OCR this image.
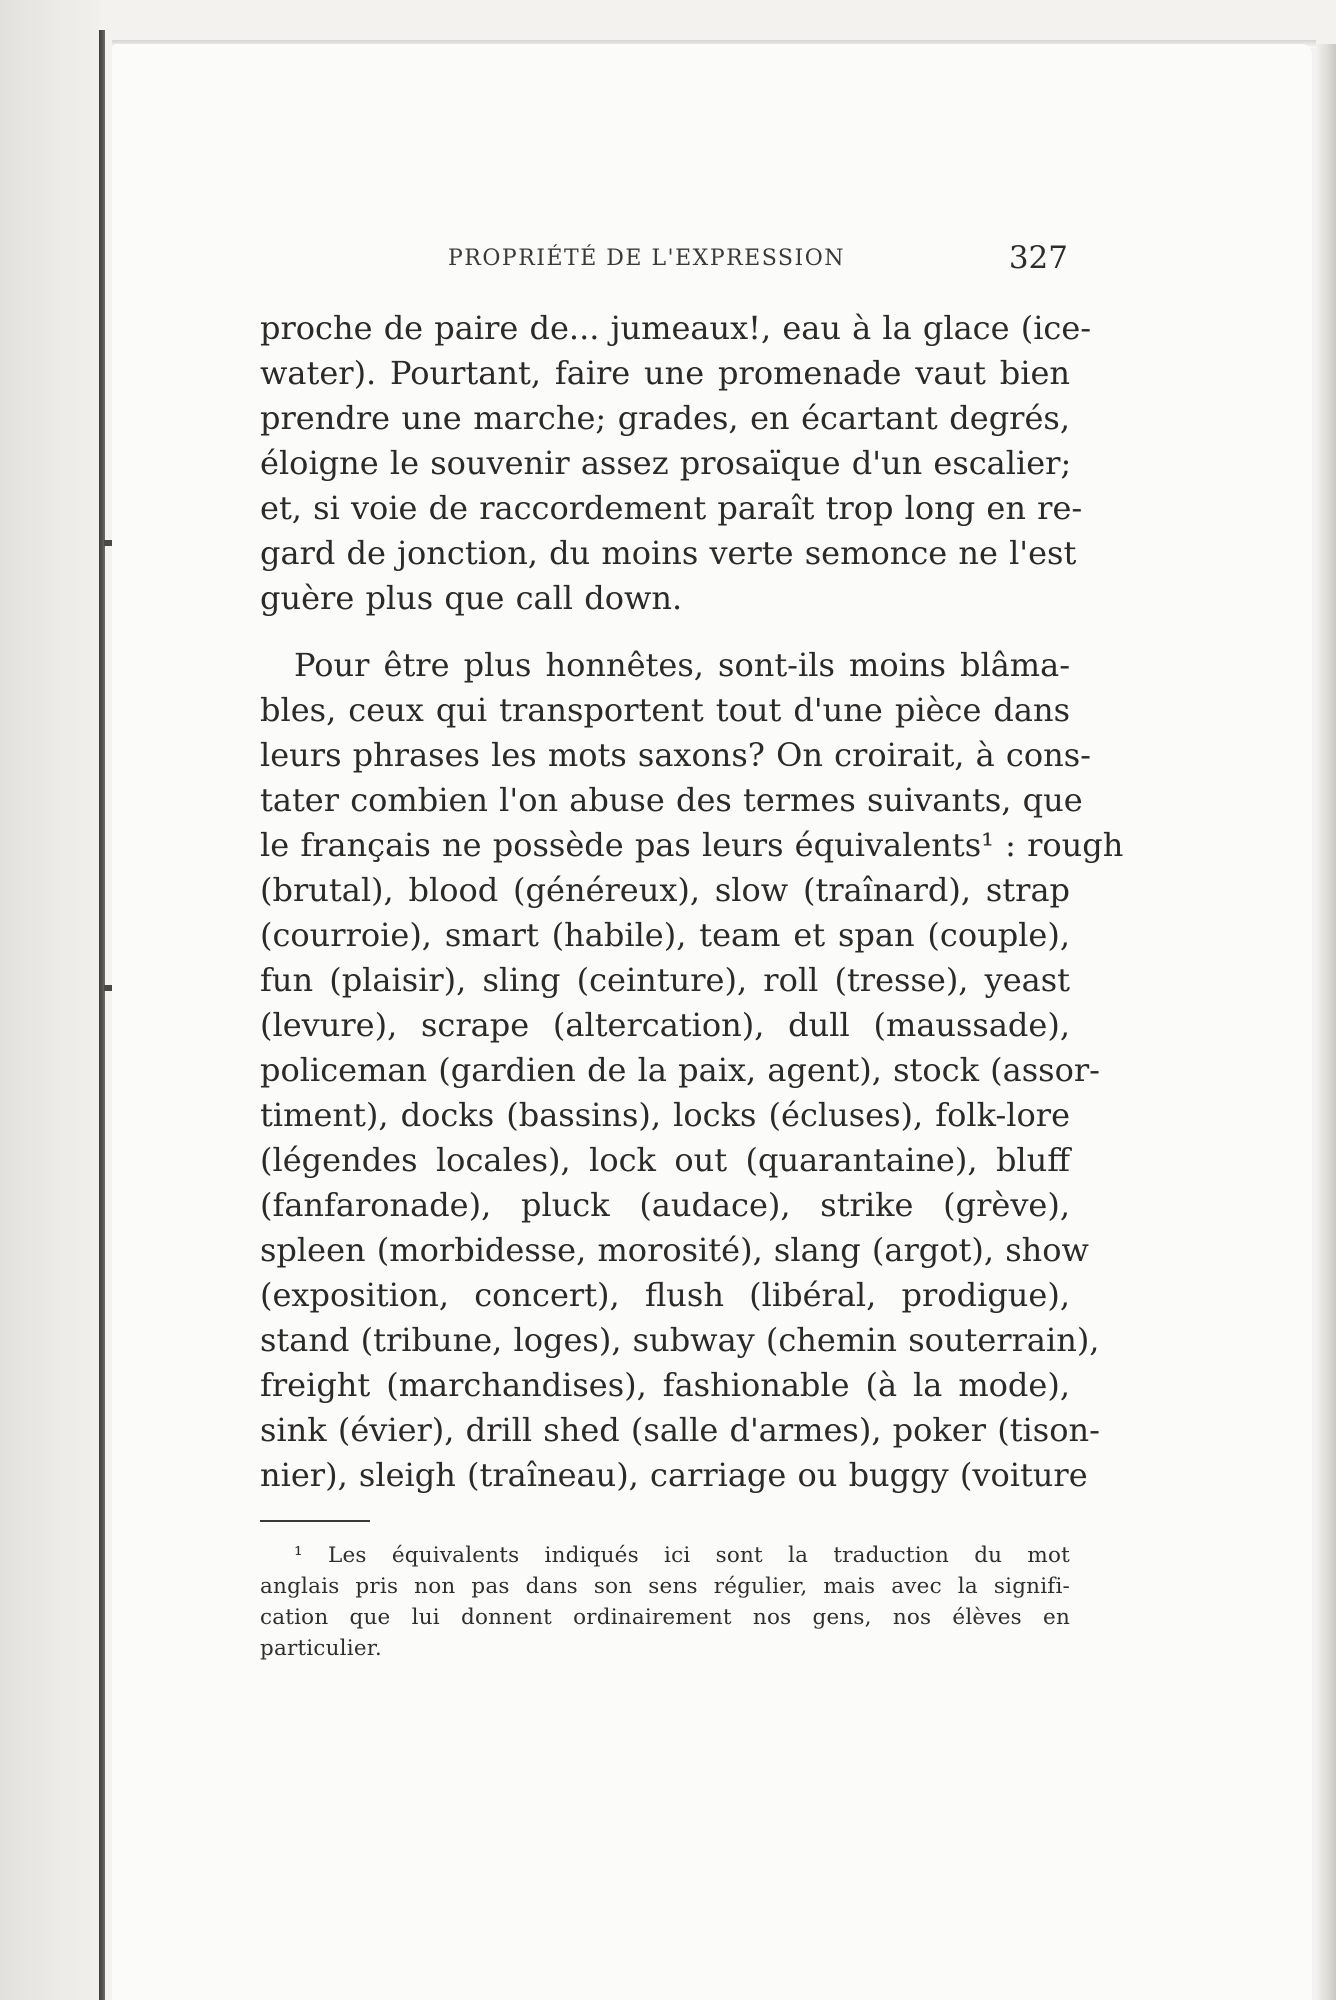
PROPRIÉTÉ DE L'EXPRESSION	327
proche de paire de... jumeaux!, eau à la glace (ice-
water). Pourtant, faire une promenade vaut bien
prendre une marche; grades, en écartant degrés,
éloigne le souvenir assez prosaïque d'un escalier;
et, si voie de raccordement paraît trop long en re-
gard de jonction, du moins verte semonce ne l'est
guère plus que call down.
Pour être plus honnêtes, sont-ils moins blâma-
bles, ceux qui transportent tout d'une pièce dans
leurs phrases les mots saxons? On croirait, à cons-
tater combien l'on abuse des termes suivants, que
le français ne possède pas leurs équivalents¹ : rough
(brutal), blood (généreux), slow (traînard), strap
(courroie), smart (habile), team et span (couple),
fun (plaisir), sling (ceinture), roll (tresse), yeast
(levure), scrape (altercation), dull (maussade),
policeman (gardien de la paix, agent), stock (assor-
timent), docks (bassins), locks (écluses), folk-lore
(légendes locales), lock out (quarantaine), bluff
(fanfaronade), pluck (audace), strike (grève),
spleen (morbidesse, morosité), slang (argot), show
(exposition, concert), flush (libéral, prodigue),
stand (tribune, loges), subway (chemin souterrain),
freight (marchandises), fashionable (à la mode),
sink (évier), drill shed (salle d'armes), poker (tison-
nier), sleigh (traîneau), carriage ou buggy (voiture
¹ Les équivalents indiqués ici sont la traduction du mot
anglais pris non pas dans son sens régulier, mais avec la signifi-
cation que lui donnent ordinairement nos gens, nos élèves en
particulier.
